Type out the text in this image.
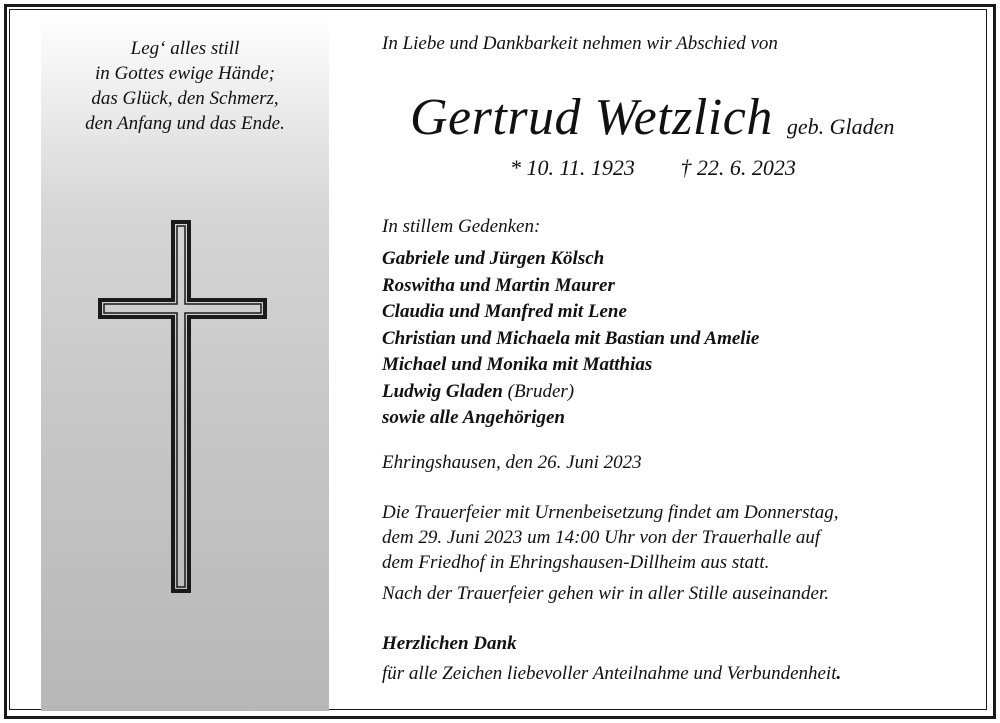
Leg‘ alles still
in Gottes ewige Hände;
das Glück, den Schmerz,
den Anfang und das Ende.
In Liebe und Dankbarkeit nehmen wir Abschied von
Gertrud Wetzlich geb. Gladen
* 10. 11. 1923 † 22. 6. 2023
In stillem Gedenken:
Gabriele und Jürgen Kölsch
Roswitha und Martin Maurer
Claudia und Manfred mit Lene
Christian und Michaela mit Bastian und Amelie
Michael und Monika mit Matthias
Ludwig Gladen (Bruder)
sowie alle Angehörigen
Ehringshausen, den 26. Juni 2023
Die Trauerfeier mit Urnenbeisetzung findet am Donnerstag,
dem 29. Juni 2023 um 14:00 Uhr von der Trauerhalle auf
dem Friedhof in Ehringshausen-Dillheim aus statt.
Nach der Trauerfeier gehen wir in aller Stille auseinander.
Herzlichen Dank
für alle Zeichen liebevoller Anteilnahme und Verbundenheit.
